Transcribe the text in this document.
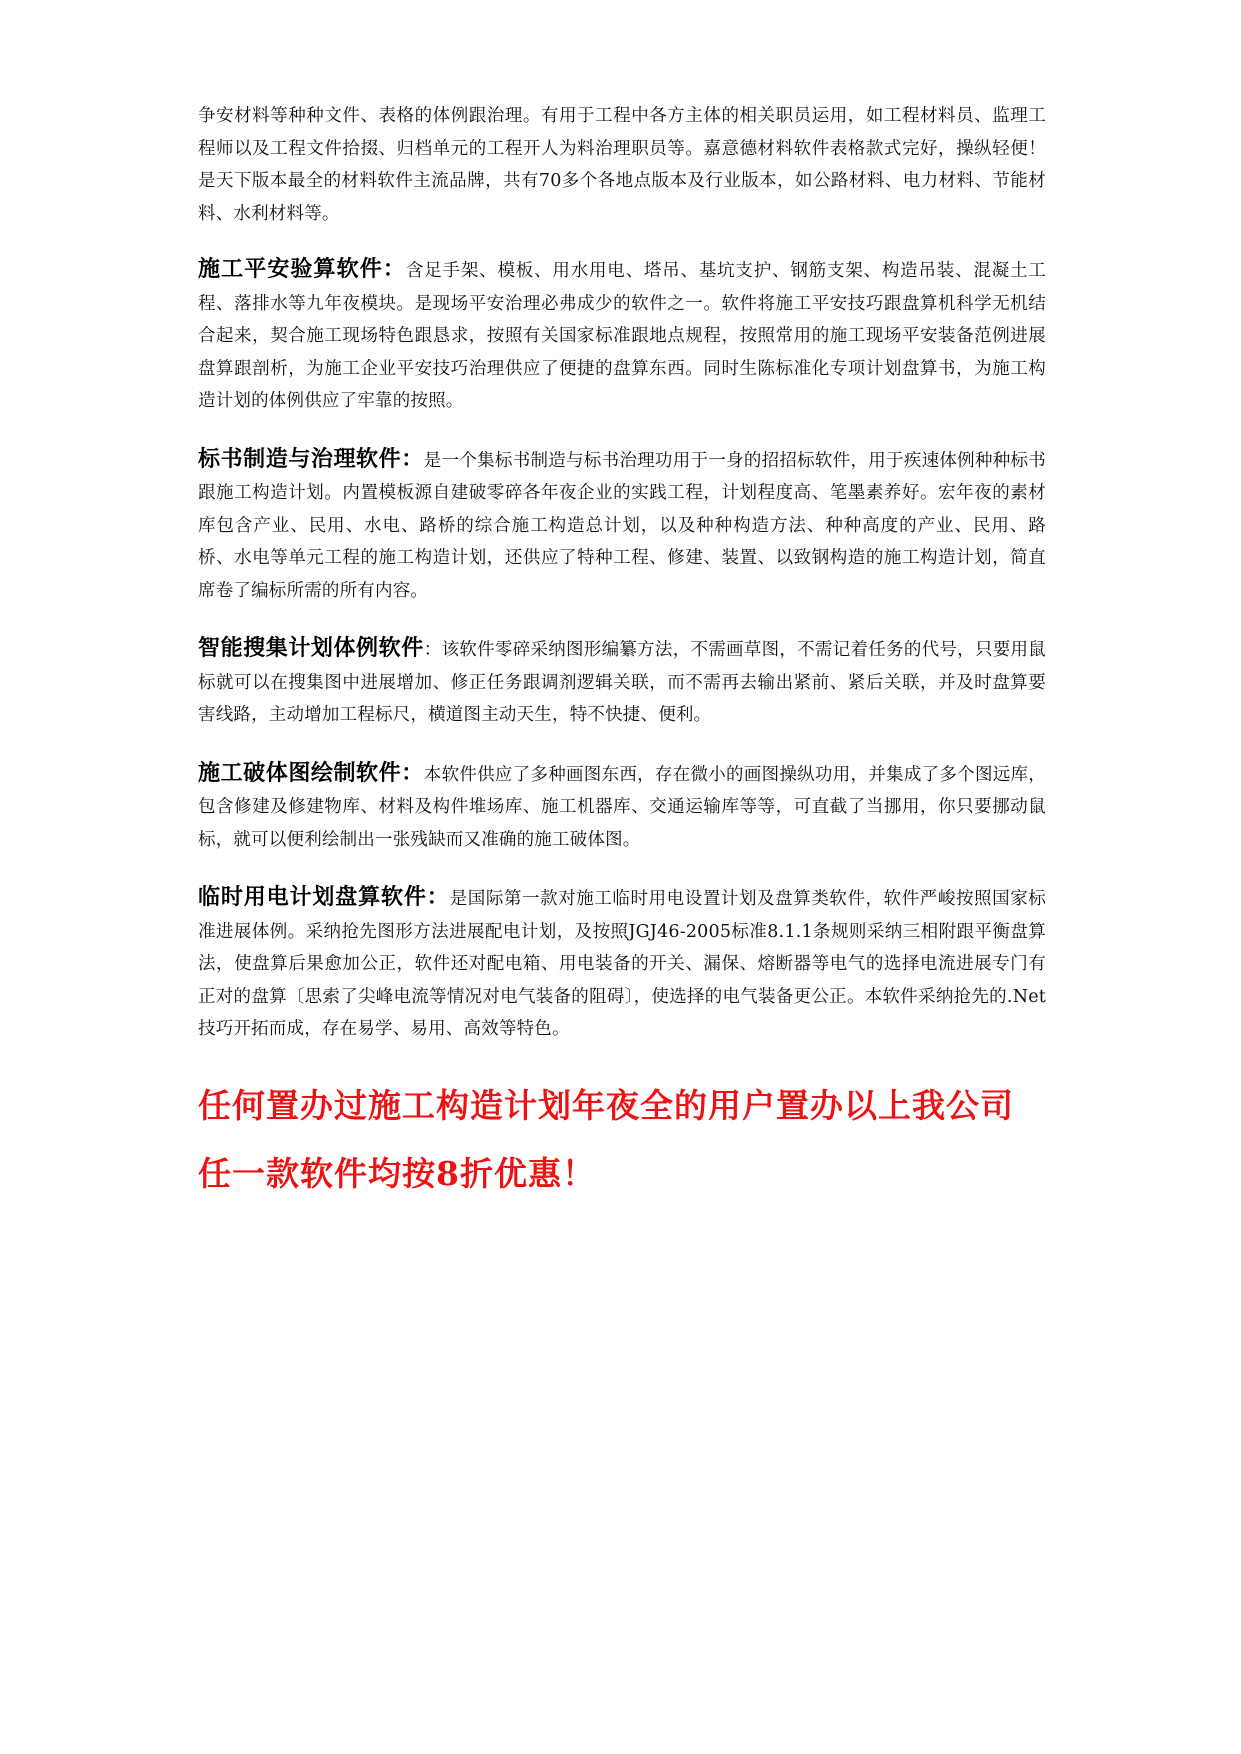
争安材料等种种文件、表格的体例跟治理。有用于工程中各方主体的相关职员运用，如工程材料员、监理工程师以及工程文件拾掇、归档单元的工程开人为料治理职员等。嘉意德材料软件表格款式完好，操纵轻便！是天下版本最全的材料软件主流品牌，共有70多个各地点版本及行业版本，如公路材料、电力材料、节能材料、水利材料等。

施工平安验算软件：含足手架、模板、用水用电、塔吊、基坑支护、钢筋支架、构造吊装、混凝土工程、落排水等九年夜模块。是现场平安治理必弗成少的软件之一。软件将施工平安技巧跟盘算机科学无机结合起来，契合施工现场特色跟恳求，按照有关国家标准跟地点规程，按照常用的施工现场平安装备范例进展盘算跟剖析，为施工企业平安技巧治理供应了便捷的盘算东西。同时生陈标准化专项计划盘算书，为施工构造计划的体例供应了牢靠的按照。

标书制造与治理软件：是一个集标书制造与标书治理功用于一身的招招标软件，用于疾速体例种种标书跟施工构造计划。内置模板源自建破零碎各年夜企业的实践工程，计划程度高、笔墨素养好。宏年夜的素材库包含产业、民用、水电、路桥的综合施工构造总计划，以及种种构造方法、种种高度的产业、民用、路桥、水电等单元工程的施工构造计划，还供应了特种工程、修建、装置、以致钢构造的施工构造计划，简直席卷了编标所需的所有内容。

智能搜集计划体例软件：该软件零碎采纳图形编纂方法，不需画草图，不需记着任务的代号，只要用鼠标就可以在搜集图中进展增加、修正任务跟调剂逻辑关联，而不需再去输出紧前、紧后关联，并及时盘算要害线路，主动增加工程标尺，横道图主动天生，特不快捷、便利。

施工破体图绘制软件：本软件供应了多种画图东西，存在微小的画图操纵功用，并集成了多个图远库，包含修建及修建物库、材料及构件堆场库、施工机器库、交通运输库等等，可直截了当挪用，你只要挪动鼠标，就可以便利绘制出一张残缺而又准确的施工破体图。

临时用电计划盘算软件：是国际第一款对施工临时用电设置计划及盘算类软件，软件严峻按照国家标准进展体例。采纳抢先图形方法进展配电计划，及按照JGJ46-2005标准8.1.1条规则采纳三相附跟平衡盘算法，使盘算后果愈加公正，软件还对配电箱、用电装备的开关、漏保、熔断器等电气的选择电流进展专门有正对的盘算〔思索了尖峰电流等情况对电气装备的阻碍〕，使选择的电气装备更公正。本软件采纳抢先的.Net技巧开拓而成，存在易学、易用、高效等特色。

任何置办过施工构造计划年夜全的用户置办以上我公司任一款软件均按8折优惠！
